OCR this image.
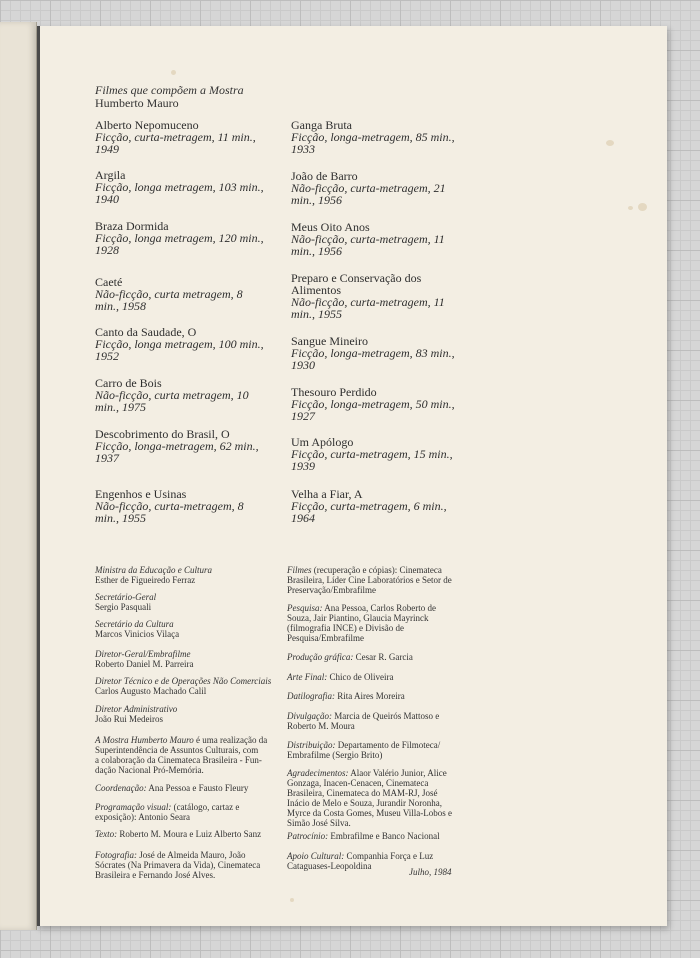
Filmes que compõem a Mostra
Humberto Mauro
Alberto Nepomuceno
Ficção, curta-metragem, 11 min.,
1949
Argila
Ficção, longa metragem, 103 min.,
1940
Braza Dormida
Ficção, longa metragem, 120 min.,
1928
Caeté
Não-ficção, curta metragem, 8
min., 1958
Canto da Saudade, O
Ficção, longa metragem, 100 min.,
1952
Carro de Bois
Não-ficção, curta metragem, 10
min., 1975
Descobrimento do Brasil, O
Ficção, longa-metragem, 62 min.,
1937
Engenhos e Usinas
Não-ficção, curta-metragem, 8
min., 1955
Ganga Bruta
Ficção, longa-metragem, 85 min.,
1933
João de Barro
Não-ficção, curta-metragem, 21
min., 1956
Meus Oito Anos
Não-ficção, curta-metragem, 11
min., 1956
Preparo e Conservação dos
Alimentos
Não-ficção, curta-metragem, 11
min., 1955
Sangue Mineiro
Ficção, longa-metragem, 83 min.,
1930
Thesouro Perdido
Ficção, longa-metragem, 50 min.,
1927
Um Apólogo
Ficção, curta-metragem, 15 min.,
1939
Velha a Fiar, A
Ficção, curta-metragem, 6 min.,
1964
Ministra da Educação e Cultura
Esther de Figueiredo Ferraz
Secretário-Geral
Sergio Pasquali
Secretário da Cultura
Marcos Vinicios Vilaça
Diretor-Geral/Embrafilme
Roberto Daniel M. Parreira
Diretor Técnico e de Operações Não Comerciais
Carlos Augusto Machado Calil
Diretor Administrativo
João Rui Medeiros
A Mostra Humberto Mauro é uma realização da
Superintendência de Assuntos Culturais, com
a colaboração da Cinemateca Brasileira - Fun-
dação Nacional Pró-Memória.
Coordenação: Ana Pessoa e Fausto Fleury
Programação visual: (catálogo, cartaz e
exposição): Antonio Seara
Texto: Roberto M. Moura e Luiz Alberto Sanz
Fotografia: José de Almeida Mauro, João
Sócrates (Na Primavera da Vida), Cinemateca
Brasileira e Fernando José Alves.
Filmes (recuperação e cópias): Cinemateca
Brasileira, Líder Cine Laboratórios e Setor de
Preservação/Embrafilme
Pesquisa: Ana Pessoa, Carlos Roberto de
Souza, Jair Piantino, Glaucia Mayrinck
(filmografia INCE) e Divisão de
Pesquisa/Embrafilme
Produção gráfica: Cesar R. Garcia
Arte Final: Chico de Oliveira
Datilografia: Rita Aires Moreira
Divulgação: Marcia de Queirós Mattoso e
Roberto M. Moura
Distribuição: Departamento de Filmoteca/
Embrafilme (Sergio Brito)
Agradecimentos: Alaor Valério Junior, Alice
Gonzaga, Inacen-Cenacen, Cinemateca
Brasileira, Cinemateca do MAM-RJ, José
Inácio de Melo e Souza, Jurandir Noronha,
Myrce da Costa Gomes, Museu Villa-Lobos e
Simão José Silva.
Patrocínio: Embrafilme e Banco Nacional
Apoio Cultural: Companhia Força e Luz
Cataguases-Leopoldina
Julho, 1984
